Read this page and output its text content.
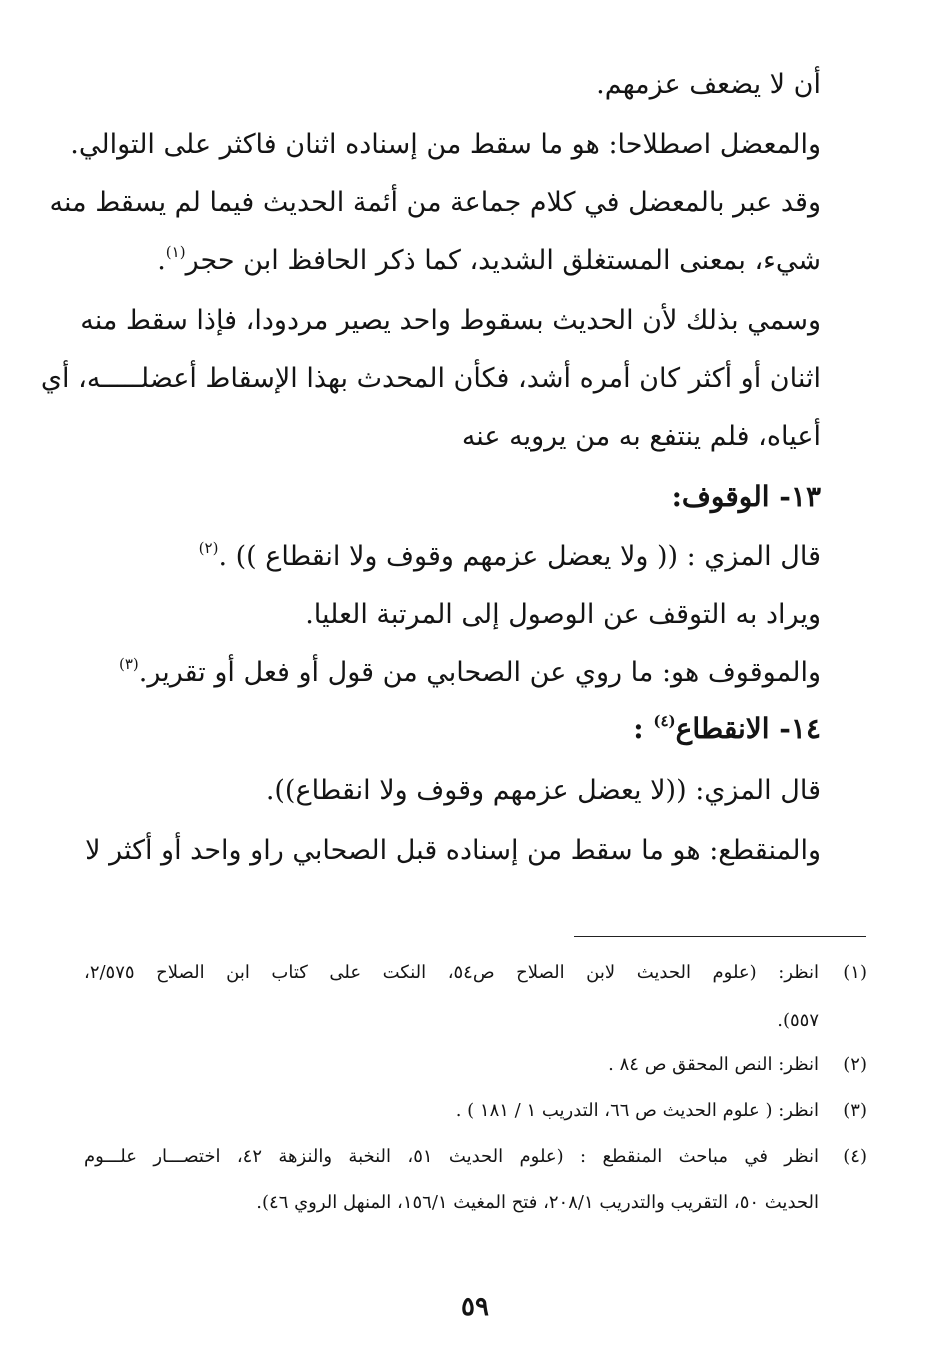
أن لا يضعف عزمهم.
والمعضل اصطلاحا: هو ما سقط من إسناده اثنان فاكثر على التوالي.
وقد عبر بالمعضل في كلام جماعة من أئمة الحديث فيما لم يسقط منه
شيء، بمعنى المستغلق الشديد، كما ذكر الحافظ ابن حجر$^{(١)}$.
وسمي بذلك لأن الحديث بسقوط واحد يصير مردودا، فإذا سقط منه
اثنان أو أكثر كان أمره أشد، فكأن المحدث بهذا الإسقاط أعضلـــــه، أي
أعياه، فلم ينتفع به من يرويه عنه
١٣- الوقوف:
قال المزي : (( ولا يعضل عزمهم وقوف ولا انقطاع )) .$^{(٢)}$
ويراد به التوقف عن الوصول إلى المرتبة العليا.
والموقوف هو: ما روي عن الصحابي من قول أو فعل أو تقرير.$^{(٣)}$
١٤- الانقطاع$^{(٤)}$ :
قال المزي: ((لا يعضل عزمهم وقوف ولا انقطاع)).
والمنقطع: هو ما سقط من إسناده قبل الصحابي راو واحد أو أكثر لا
(١)
انظر: (علوم الحديث لابن الصلاح ص٥٤، النكت على كتاب ابن الصلاح ٢/٥٧٥،
٥٥٧).
(٢)
انظر: النص المحقق ص ٨٤ .
(٣)
انظر: ( علوم الحديث ص ٦٦، التدريب ١ / ١٨١ ) .
(٤)
انظر في مباحث المنقطع : (علوم الحديث ٥١، النخبة والنزهة ٤٢، اختصـــار علـــوم
الحديث ٥٠، التقريب والتدريب ٢٠٨/١، فتح المغيث ١٥٦/١، المنهل الروي ٤٦).
٥٩
